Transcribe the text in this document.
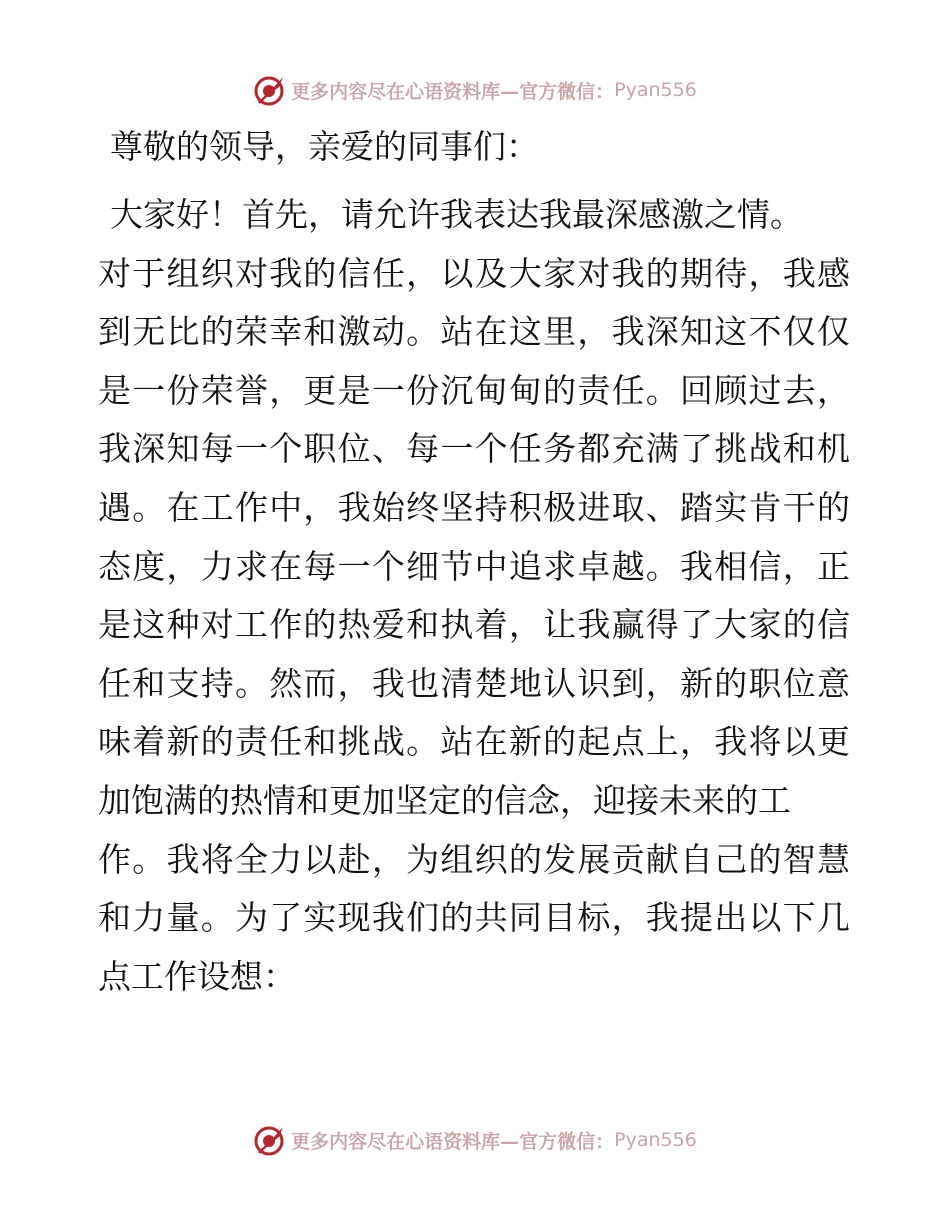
更多内容尽在心语资料库—官方微信： Pyan556

尊敬的领导，亲爱的同事们：

大家好！首先，请允许我表达我最深感激之情。
对于组织对我的信任，以及大家对我的期待，我感
到无比的荣幸和激动。站在这里，我深知这不仅仅
是一份荣誉，更是一份沉甸甸的责任。回顾过去，
我深知每一个职位、每一个任务都充满了挑战和机
遇。在工作中，我始终坚持积极进取、踏实肯干的
态度，力求在每一个细节中追求卓越。我相信，正
是这种对工作的热爱和执着，让我赢得了大家的信
任和支持。然而，我也清楚地认识到，新的职位意
味着新的责任和挑战。站在新的起点上，我将以更
加饱满的热情和更加坚定的信念，迎接未来的工
作。我将全力以赴，为组织的发展贡献自己的智慧
和力量。为了实现我们的共同目标，我提出以下几
点工作设想：
更多内容尽在心语资料库—官方微信： Pyan556
